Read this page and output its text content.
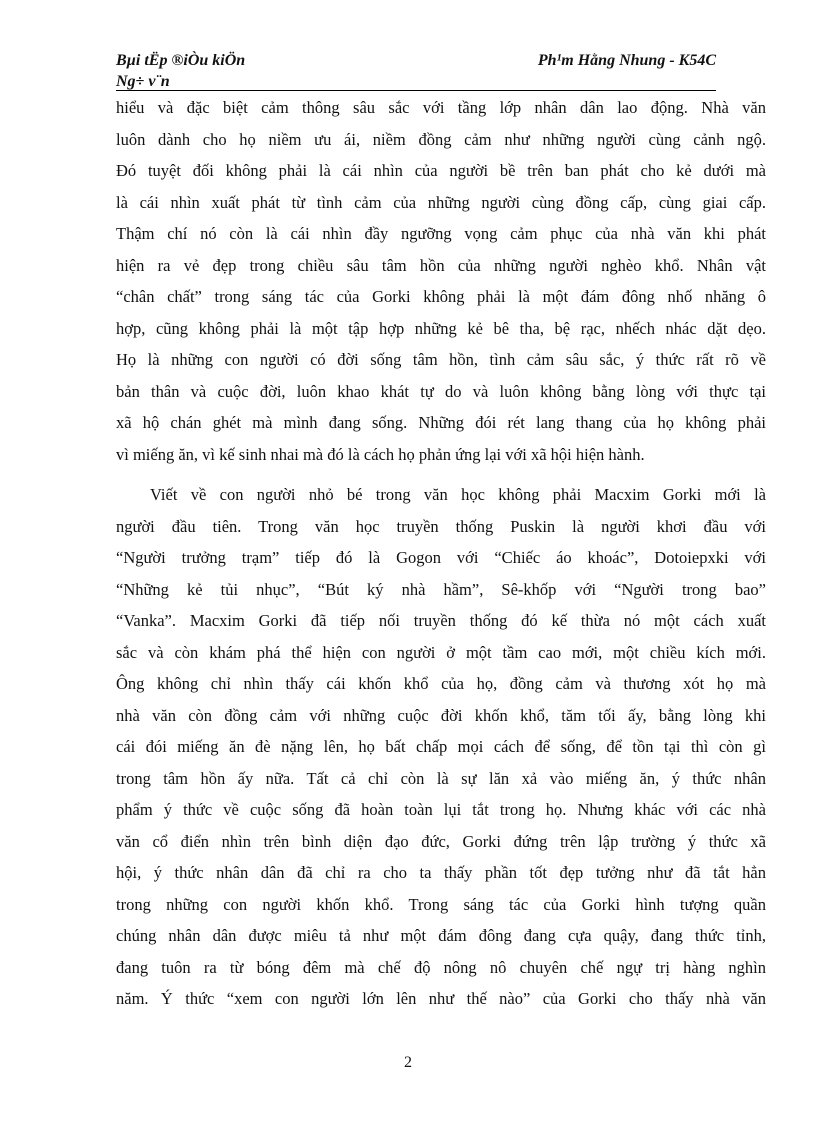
Bµi tËp ®iÒu kiÖn
Ng÷ v¨n
Ph¹m Hằng Nhung - K54C
hiểu và đặc biệt cảm thông sâu sắc với tầng lớp nhân dân lao động. Nhà văn
luôn dành cho họ niềm ưu ái, niềm đồng cảm như những người cùng cảnh ngộ.
Đó tuyệt đối không phải là cái nhìn của người bề trên ban phát cho kẻ dưới mà
là cái nhìn xuất phát từ tình cảm của những người cùng đồng cấp, cùng giai cấp.
Thậm chí nó còn là cái nhìn đầy ngưỡng vọng cảm phục của nhà văn khi phát
hiện ra vẻ đẹp trong chiều sâu tâm hồn của những người nghèo khổ. Nhân vật
“chân chất” trong sáng tác của Gorki không phải là một đám đông nhố nhăng ô
hợp, cũng không phải là một tập hợp những kẻ bê tha, bệ rạc, nhếch nhác dặt dẹo.
Họ là những con người có đời sống tâm hồn, tình cảm sâu sắc, ý thức rất rõ về
bản thân và cuộc đời, luôn khao khát tự do và luôn không bằng lòng với thực tại
xã hộ chán ghét mà mình đang sống. Những đói rét lang thang của họ không phải
vì miếng ăn, vì kế sinh nhai mà đó là cách họ phản ứng lại với xã hội hiện hành.
Viết về con người nhỏ bé trong văn học không phải Macxim Gorki mới là
người đầu tiên. Trong văn học truyền thống Puskin là người khơi đầu với
“Người trưởng trạm” tiếp đó là Gogon với “Chiếc áo khoác”, Dotoiepxki với
“Những kẻ tủi nhục”, “Bút ký nhà hầm”, Sê-khốp với “Người trong bao”
“Vanka”. Macxim Gorki đã tiếp nối truyền thống đó kế thừa nó một cách xuất
sắc và còn khám phá thể hiện con người ở một tầm cao mới, một chiều kích mới.
Ông không chỉ nhìn thấy cái khốn khổ của họ, đồng cảm và thương xót họ mà
nhà văn còn đồng cảm với những cuộc đời khốn khổ, tăm tối ấy, bằng lòng khi
cái đói miếng ăn đè nặng lên, họ bất chấp mọi cách để sống, để tồn tại thì còn gì
trong tâm hồn ấy nữa. Tất cả chỉ còn là sự lăn xả vào miếng ăn, ý thức nhân
phẩm ý thức về cuộc sống đã hoàn toàn lụi tắt trong họ. Nhưng khác với các nhà
văn cổ điển nhìn trên bình diện đạo đức, Gorki đứng trên lập trường ý thức xã
hội, ý thức nhân dân đã chỉ ra cho ta thấy phần tốt đẹp tưởng như đã tắt hẳn
trong những con người khốn khổ. Trong sáng tác của Gorki hình tượng quần
chúng nhân dân được miêu tả như một đám đông đang cựa quậy, đang thức tỉnh,
đang tuôn ra từ bóng đêm mà chế độ nông nô chuyên chế ngự trị hàng nghìn
năm. Ý thức “xem con người lớn lên như thế nào” của Gorki cho thấy nhà văn
2
